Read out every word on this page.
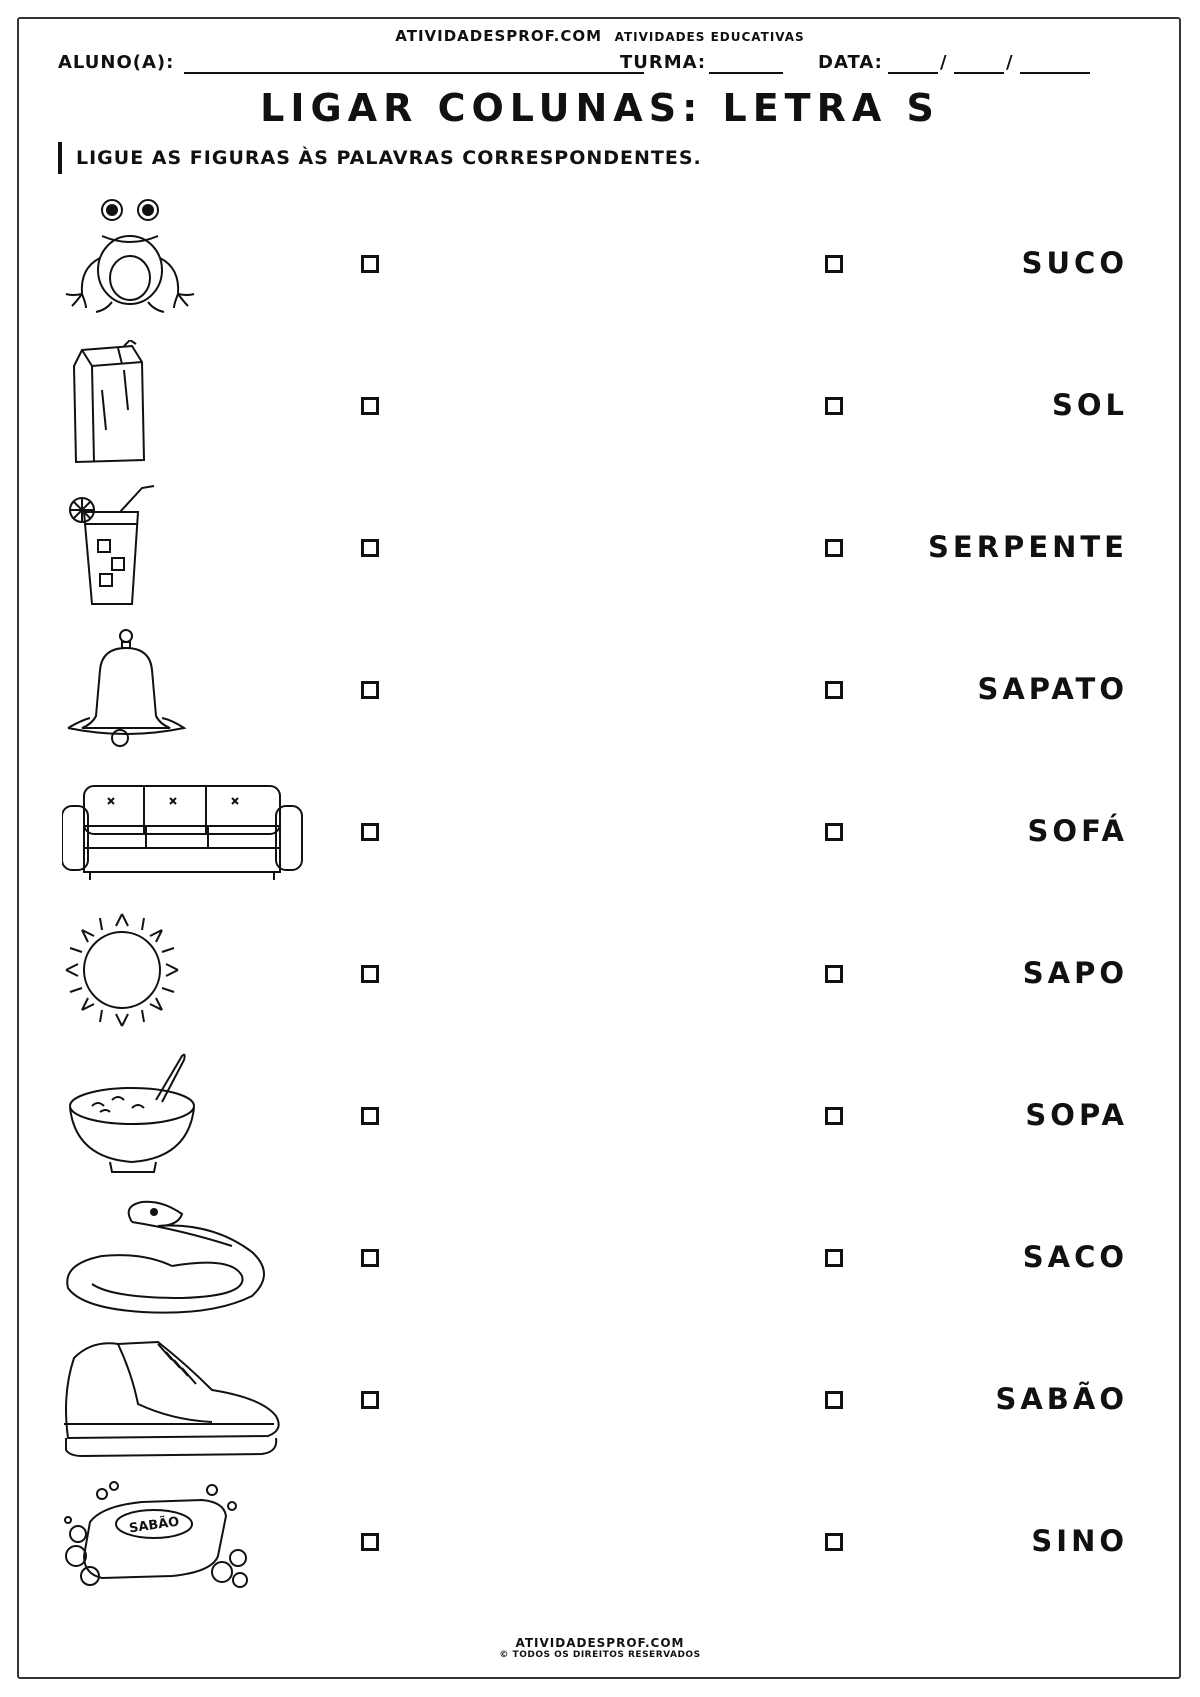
ATIVIDADESPROF.COM ATIVIDADES EDUCATIVAS
ALUNO(A):	TURMA:	DATA:	/	/
LIGAR COLUNAS: LETRA S
LIGUE AS FIGURAS ÀS PALAVRAS CORRESPONDENTES.
SUCO
SOL
SERPENTE
SAPATO
SOFÁ
SAPO
SOPA
SACO
SABÃO
SABÃO	SINO
ATIVIDADESPROF.COM
© TODOS OS DIREITOS RESERVADOS
